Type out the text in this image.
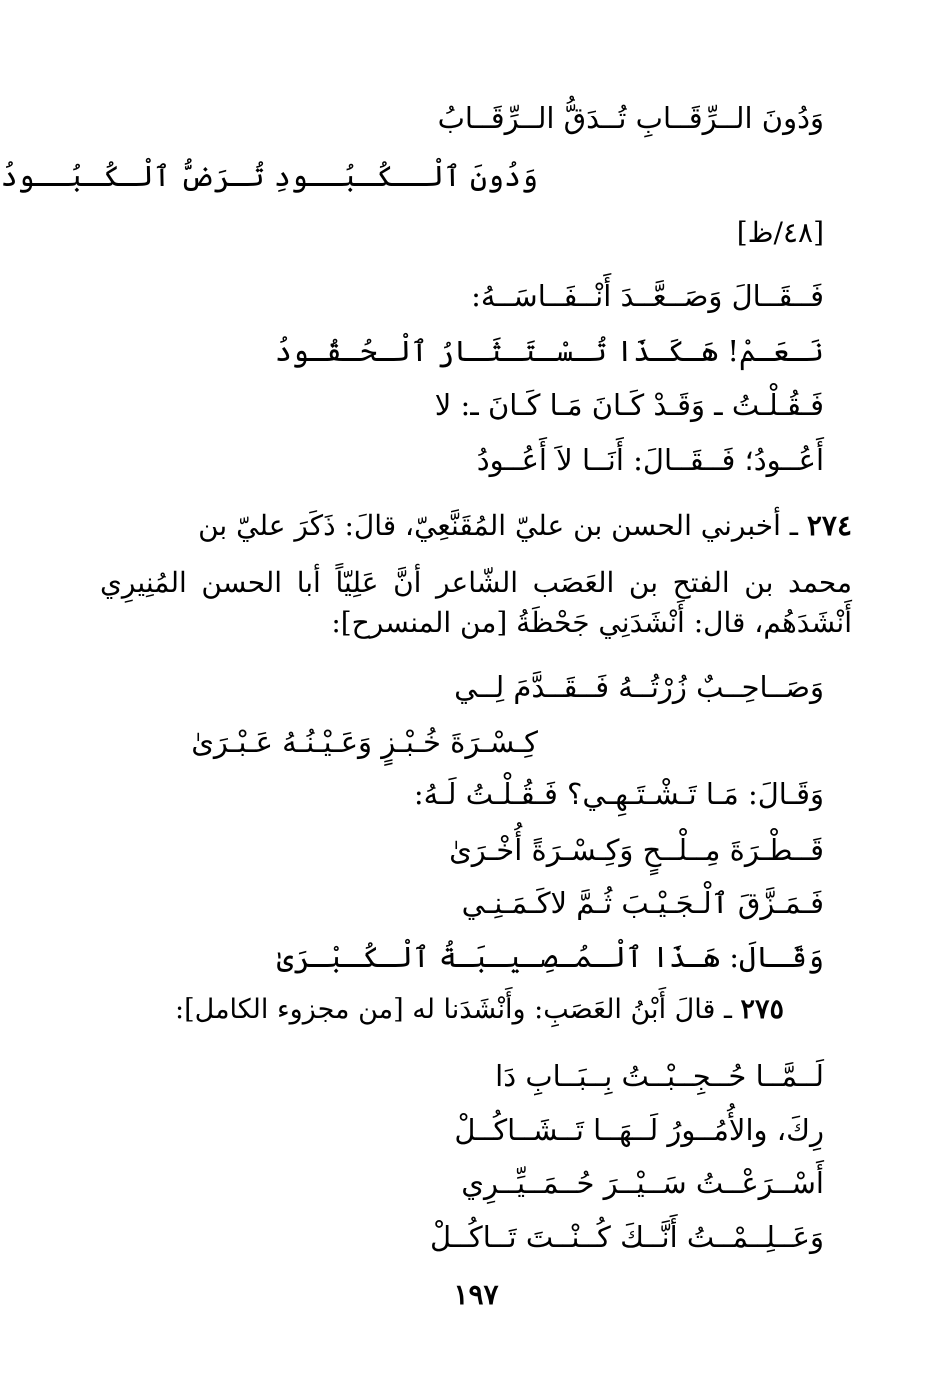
وَدُونَ الــرِّقَــابِ تُــدَقُّ الــرِّقَــابُ
وَدُونَ ٱلْــكُـبُــودِ تُـرَضُّ ٱلْـكُـبُــودُ
[٤٨/ظ]
فَــقَــالَ وَصَــعَّــدَ أَنْــفَــاسَــهُ:
نَـعَـمْ! هَـكَـذَا تُـسْـتَـثَـارُ ٱلْـحُـقُـودُ
فَـقُـلْـتُ ـ وَقَـدْ كَـانَ مَـا كَـانَ ـ: لا
أَعُــودُ؛ فَــقَــالَ: أَنَــا لاَ أَعُــودُ
٢٧٤ ـ أخبرني الحسن بن عليّ المُقَنَّعِيّ، قالَ: ذَكَرَ عليّ بن
محمد بن الفتح بن العَصَب الشّاعر أنَّ عَلِيّاً أبا الحسن المُنِيرِي
أَنْشَدَهُم، قال: أَنْشَدَنِي جَحْظَةُ [من المنسرح]:
وَصَــاحِــبٌ زُرْتُــهُ فَــقَــدَّمَ لِــي
كِـسْـرَةَ خُـبْـزٍ وَعَـيْـنُـهُ عَـبْـرَىٰ
وَقَـالَ: مَـا تَـشْـتَـهِـي؟ فَـقُـلْـتُ لَـهُ:
قَــطْـرَةَ مِــلْــحٍ وَكِـسْـرَةً أُخْـرَىٰ
فَـمَـزَّقَ ٱلْـجَـيْـبَ ثُـمَّ لاكَـمَـنِـي
وَقَـالَ: هَـذَا ٱلْـمُـصِـيـبَـةُ ٱلْـكُـبْـرَىٰ
٢٧٥ ـ قالَ أَبْنُ العَصَبِ: وأَنْشَدَنا له [من مجزوء الكامل]:
لَــمَّــا حُــجِــبْــتُ بِــبَــابِ دَا
رِكَ، والأُمُــورُ لَــهَــا تَــشَــاكُــلْ
أَسْــرَعْــتُ سَــيْــرَ حُــمَــيِّــرِي
وَعَــلِــمْــتُ أَنَّــكَ كُــنْــتَ تَــاكُــلْ
١٩٧
